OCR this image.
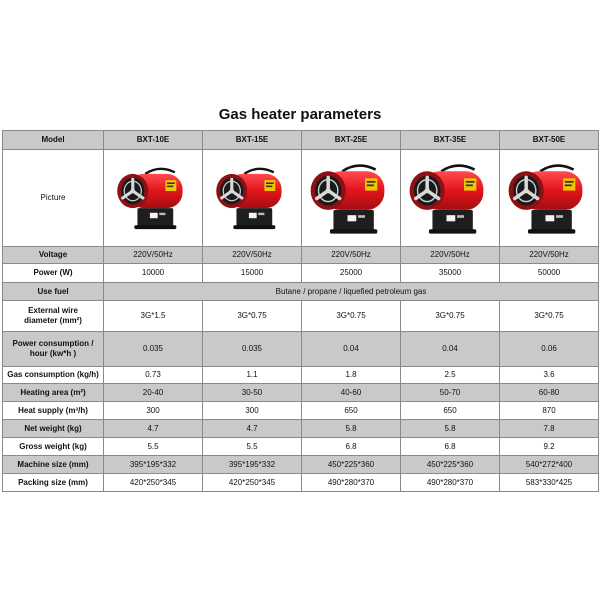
Gas heater parameters
Model	BXT-10E	BXT-15E	BXT-25E	BXT-35E	BXT-50E
Picture	

Voltage	220V/50Hz	220V/50Hz	220V/50Hz	220V/50Hz	220V/50Hz
Power (W)	10000	15000	25000	35000	50000
Use fuel	Butane / propane / liquefied petroleum gas				
External wire
diameter (mm²)	3G*1.5	3G*0.75	3G*0.75	3G*0.75	3G*0.75
Power consumption /
hour (kw*h )	0.035	0.035	0.04	0.04	0.06
Gas consumption (kg/h)	0.73	1.1	1.8	2.5	3.6
Heating area (m²)	20-40	30-50	40-60	50-70	60-80
Heat supply (m³/h)	300	300	650	650	870
Net weight (kg)	4.7	4.7	5.8	5.8	7.8
Gross weight (kg)	5.5	5.5	6.8	6.8	9.2
Machine size (mm)	395*195*332	395*195*332	450*225*360	450*225*360	540*272*400
Packing size (mm)	420*250*345	420*250*345	490*280*370	490*280*370	583*330*425
